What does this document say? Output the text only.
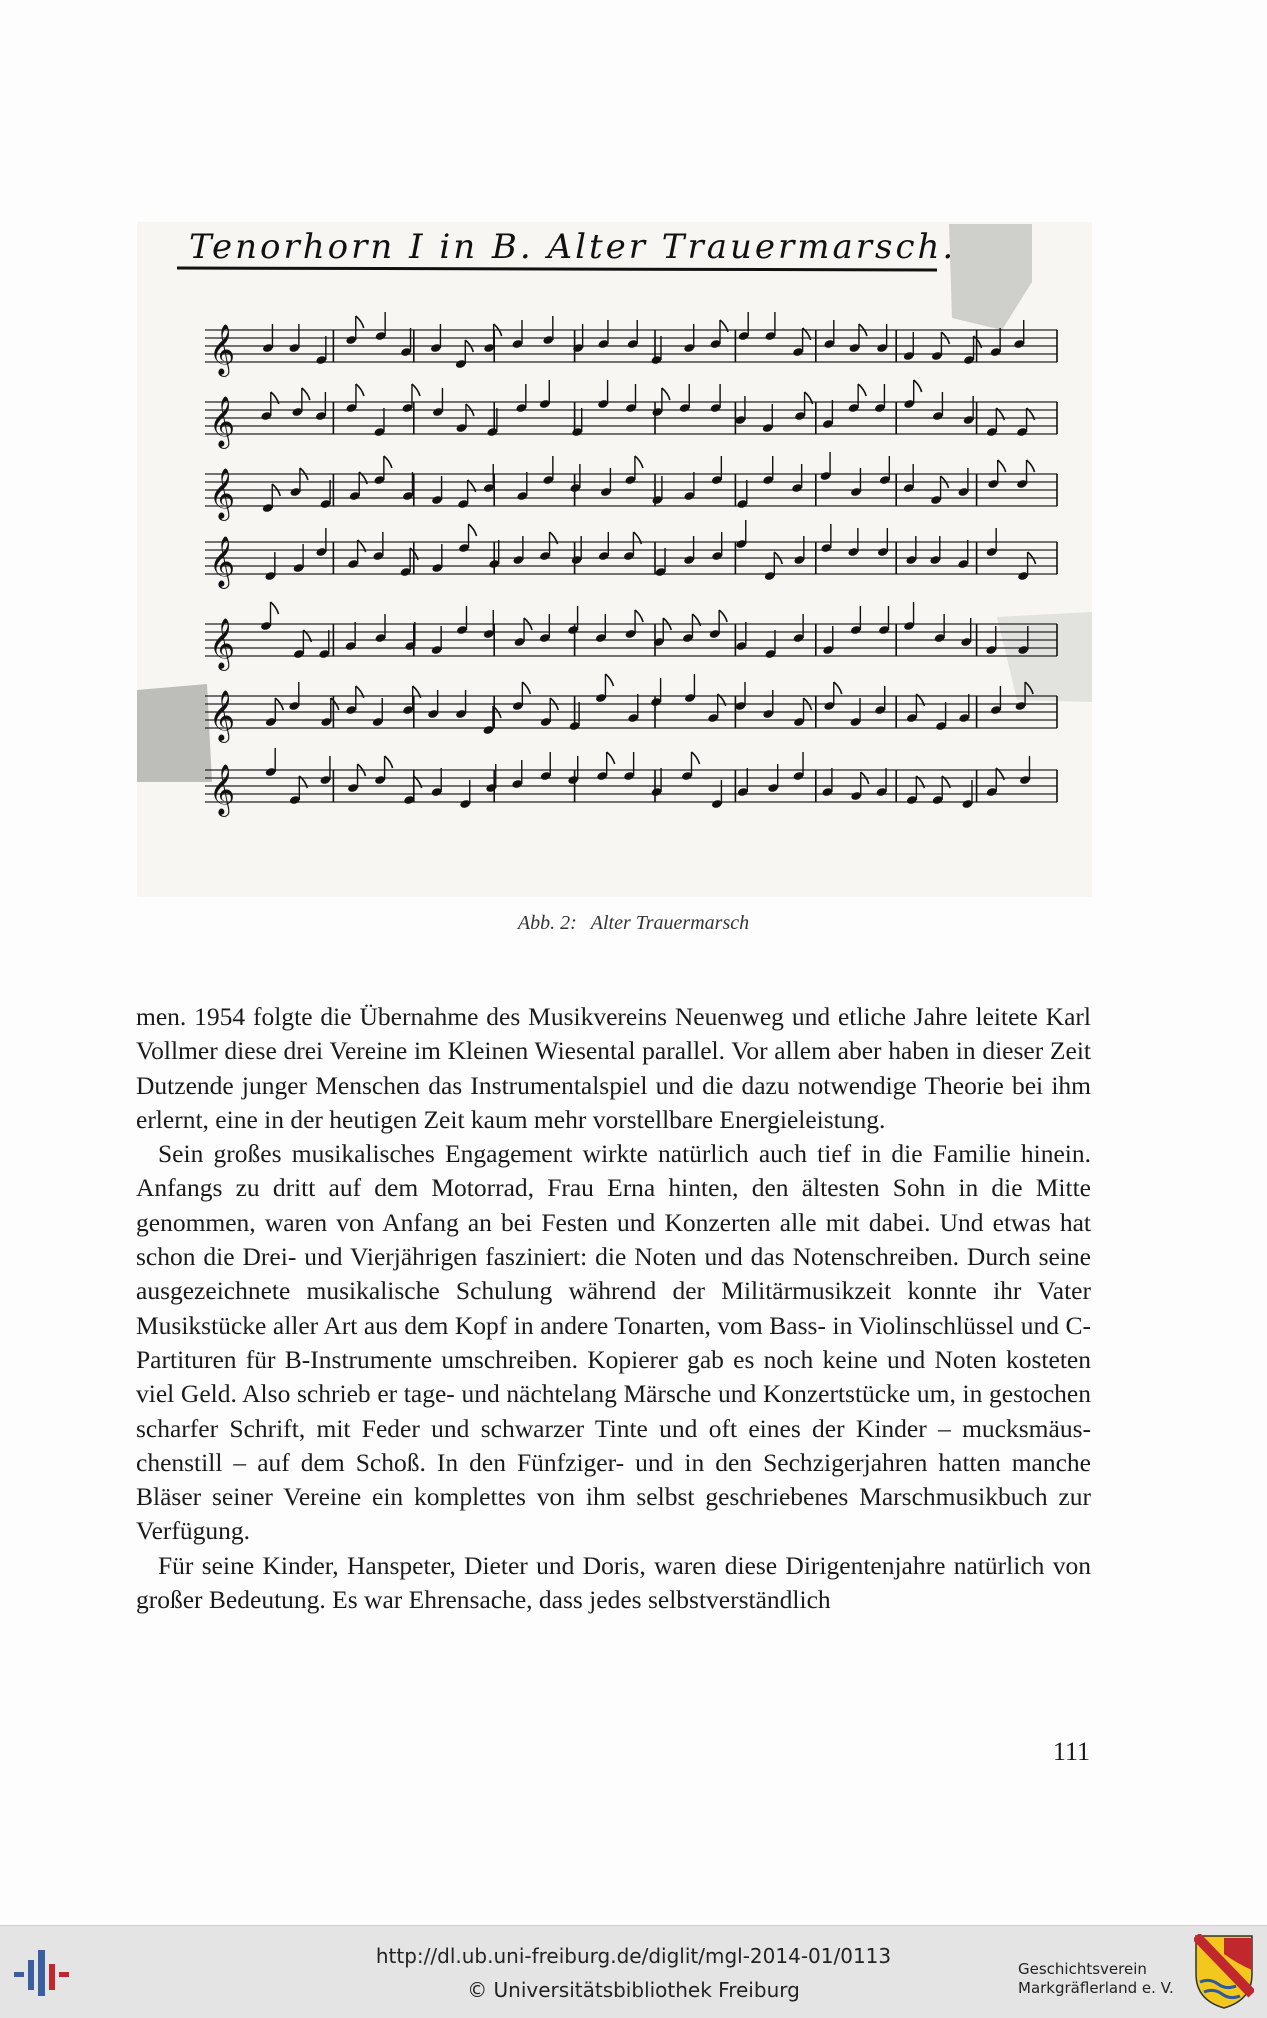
Tenorhorn I in B. Alter Trauermarsch.
𝄞
𝄞
𝄞
𝄞
𝄞
𝄞
𝄞
Abb. 2: Alter Trauermarsch

men. 1954 folgte die Übernahme des Musikvereins Neuenweg und etliche Jahre leitete Karl Vollmer diese drei Vereine im Kleinen Wiesental parallel. Vor allem aber haben in dieser Zeit Dutzende junger Menschen das Instrumentalspiel und die dazu notwendige Theorie bei ihm erlernt, eine in der heutigen Zeit kaum mehr vorstellbare Energieleistung.

Sein großes musikalisches Engagement wirkte natürlich auch tief in die Familie hinein. Anfangs zu dritt auf dem Motorrad, Frau Erna hinten, den ältesten Sohn in die Mitte genommen, waren von Anfang an bei Festen und Konzerten alle mit dabei. Und etwas hat schon die Drei- und Vierjährigen fasziniert: die Noten und das Notenschreiben. Durch seine ausgezeichnete musikalische Schulung während der Militärmusikzeit konnte ihr Vater Musikstücke aller Art aus dem Kopf in andere Tonarten, vom Bass- in Violinschlüssel und C-Partituren für B-Instrumente umschreiben. Kopierer gab es noch keine und Noten kosteten viel Geld. Also schrieb er tage- und nächtelang Märsche und Konzertstücke um, in gestochen scharfer Schrift, mit Feder und schwarzer Tinte und oft eines der Kinder – mucksmäuschenstill – auf dem Schoß. In den Fünfziger- und in den Sechzigerjahren hatten manche Bläser seiner Vereine ein komplettes von ihm selbst geschriebenes Marschmusikbuch zur Verfügung.

Für seine Kinder, Hanspeter, Dieter und Doris, waren diese Dirigentenjahre natürlich von großer Bedeutung. Es war Ehrensache, dass jedes selbstverständlich

111
http://dl.ub.uni-freiburg.de/diglit/mgl-2014-01/0113
© Universitätsbibliothek Freiburg
Geschichtsverein
Markgräflerland e. V.
